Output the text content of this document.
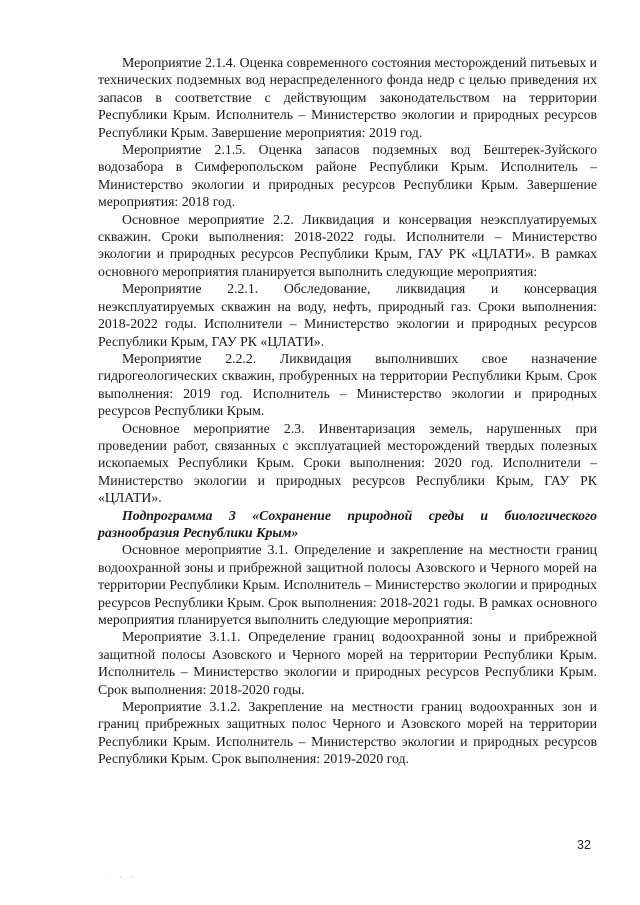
Мероприятие 2.1.4. Оценка современного состояния месторождений питьевых и технических подземных вод нераспределенного фонда недр с целью приведения их запасов в соответствие с действующим законодательством на территории Республики Крым. Исполнитель – Министерство экологии и природных ресурсов Республики Крым. Завершение мероприятия: 2019 год.

Мероприятие 2.1.5. Оценка запасов подземных вод Бештерек-Зуйского водозабора в Симферопольском районе Республики Крым. Исполнитель – Министерство экологии и природных ресурсов Республики Крым. Завершение мероприятия: 2018 год.

Основное мероприятие 2.2. Ликвидация и консервация неэксплуатируемых скважин. Сроки выполнения: 2018-2022 годы. Исполнители – Министерство экологии и природных ресурсов Республики Крым, ГАУ РК «ЦЛАТИ». В рамках основного мероприятия планируется выполнить следующие мероприятия:

Мероприятие 2.2.1. Обследование, ликвидация и консервация неэксплуатируемых скважин на воду, нефть, природный газ. Сроки выполнения: 2018-2022 годы. Исполнители – Министерство экологии и природных ресурсов Республики Крым, ГАУ РК «ЦЛАТИ».

Мероприятие 2.2.2. Ликвидация выполнивших свое назначение гидрогеологических скважин, пробуренных на территории Республики Крым. Срок выполнения: 2019 год. Исполнитель – Министерство экологии и природных ресурсов Республики Крым.

Основное мероприятие 2.3. Инвентаризация земель, нарушенных при проведении работ, связанных с эксплуатацией месторождений твердых полезных ископаемых Республики Крым. Сроки выполнения: 2020 год. Исполнители – Министерство экологии и природных ресурсов Республики Крым, ГАУ РК «ЦЛАТИ».

Подпрограмма 3 «Сохранение природной среды и биологического разнообразия Республики Крым»

Основное мероприятие 3.1. Определение и закрепление на местности границ водоохранной зоны и прибрежной защитной полосы Азовского и Черного морей на территории Республики Крым. Исполнитель – Министерство экологии и природных ресурсов Республики Крым. Срок выполнения: 2018-2021 годы. В рамках основного мероприятия планируется выполнить следующие мероприятия:

Мероприятие 3.1.1. Определение границ водоохранной зоны и прибрежной защитной полосы Азовского и Черного морей на территории Республики Крым. Исполнитель – Министерство экологии и природных ресурсов Республики Крым. Срок выполнения: 2018-2020 годы.

Мероприятие 3.1.2. Закрепление на местности границ водоохранных зон и границ прибрежных защитных полос Черного и Азовского морей на территории Республики Крым. Исполнитель – Министерство экологии и природных ресурсов Республики Крым. Срок выполнения: 2019-2020 год.

32
· · ·
